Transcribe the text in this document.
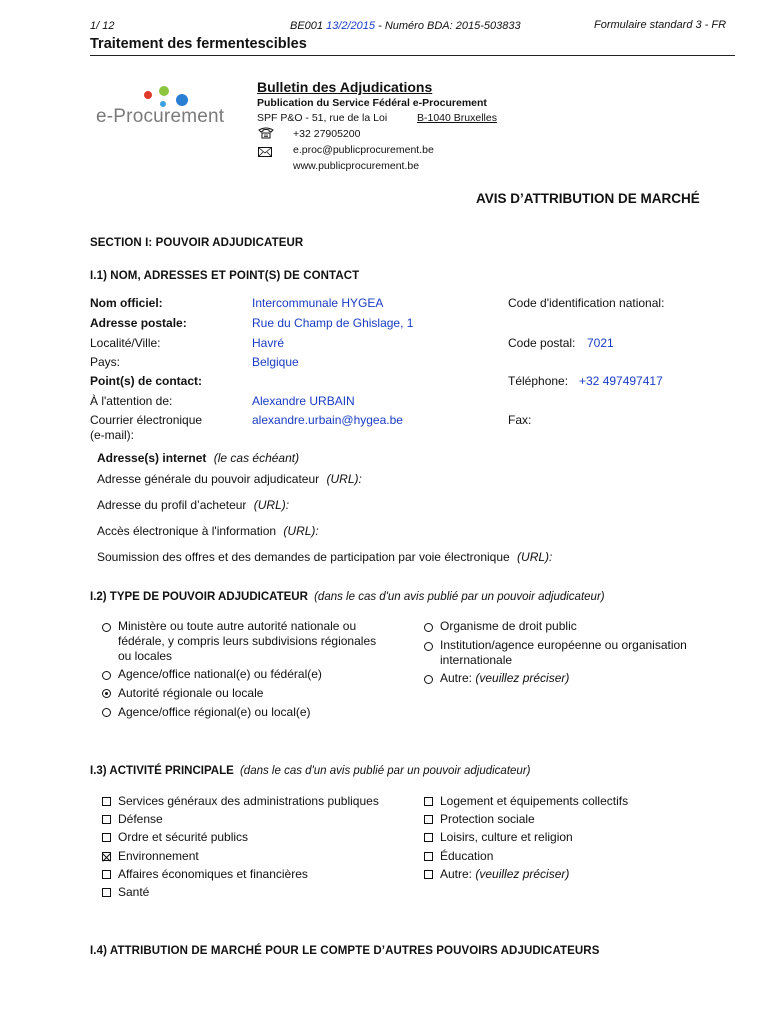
1/ 12	BE001 13/2/2015 - Numéro BDA: 2015-503833	Formulaire standard 3 - FR
Traitement des fermentescibles
e-Procurement
Bulletin des Adjudications
Publication du Service Fédéral e-Procurement
SPF P&O - 51, rue de la Loi	B-1040 Bruxelles
+32 27905200
e.proc@publicprocurement.be
www.publicprocurement.be
AVIS D’ATTRIBUTION DE MARCHÉ
SECTION I: POUVOIR ADJUDICATEUR
I.1) NOM, ADRESSES ET POINT(S) DE CONTACT
Nom officiel:	Intercommunale HYGEA	Code d'identification national:
Adresse postale:	Rue du Champ de Ghislage, 1
Localité/Ville:	Havré	Code postal: 7021
Pays:	Belgique
Point(s) de contact:	Téléphone: +32 497497417
À l'attention de:	Alexandre URBAIN
Courrier électronique
(e-mail):
alexandre.urbain@hygea.be	Fax:
Adresse(s) internet (le cas échéant)
Adresse générale du pouvoir adjudicateur (URL):
Adresse du profil d’acheteur (URL):
Accès électronique à l'information (URL):
Soumission des offres et des demandes de participation par voie électronique (URL):
I.2) TYPE DE POUVOIR ADJUDICATEUR (dans le cas d'un avis publié par un pouvoir adjudicateur)
Ministère ou toute autre autorité nationale ou
fédérale, y compris leurs subdivisions régionales
ou locales
Agence/office national(e) ou fédéral(e)
Autorité régionale ou locale
Agence/office régional(e) ou local(e)
Organisme de droit public
Institution/agence européenne ou organisation
internationale
Autre: (veuillez préciser)
I.3) ACTIVITÉ PRINCIPALE (dans le cas d'un avis publié par un pouvoir adjudicateur)
Services généraux des administrations publiques
Défense
Ordre et sécurité publics
Environnement
Affaires économiques et financières
Santé
Logement et équipements collectifs
Protection sociale
Loisirs, culture et religion
Éducation
Autre: (veuillez préciser)
I.4) ATTRIBUTION DE MARCHÉ POUR LE COMPTE D’AUTRES POUVOIRS ADJUDICATEURS
